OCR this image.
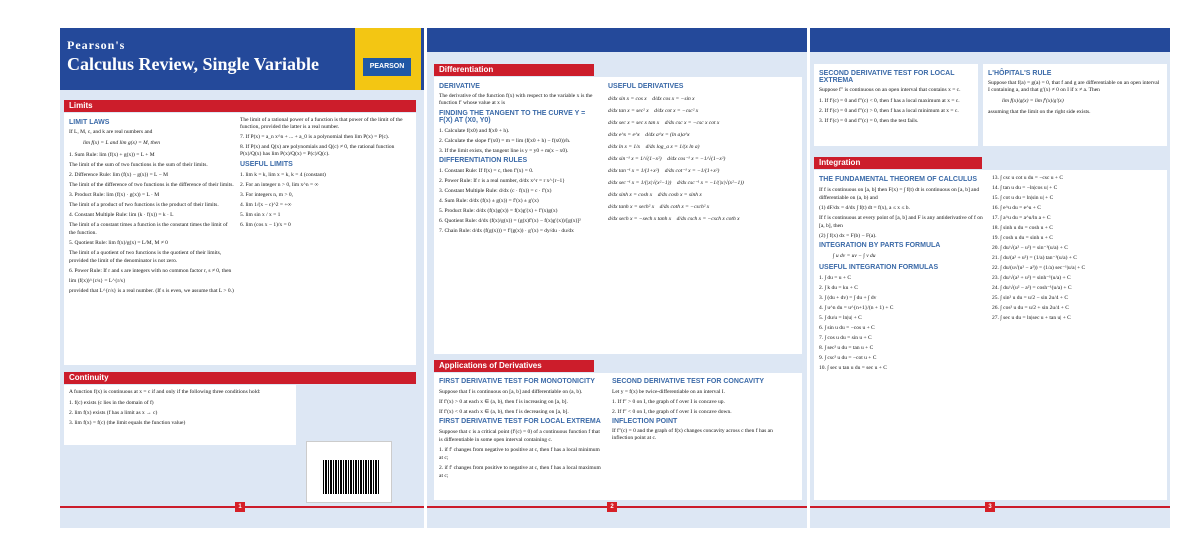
Pearson's
Calculus Review, Single Variable	PEARSON
Limits
LIMIT LAWS
If L, M, c, and k are real numbers and
lim f(x) = L and lim g(x) = M, then
1. Sum Rule: lim (f(x) + g(x)) = L + M
The limit of the sum of two functions is the sum of their limits.
2. Difference Rule: lim (f(x) − g(x)) = L − M
The limit of the difference of two functions is the difference of their limits.
3. Product Rule: lim (f(x) · g(x)) = L · M
The limit of a product of two functions is the product of their limits.
4. Constant Multiple Rule: lim (k · f(x)) = k · L
The limit of a constant times a function is the constant times the limit of the function.
5. Quotient Rule: lim f(x)/g(x) = L/M, M ≠ 0
The limit of a quotient of two functions is the quotient of their limits, provided the limit of the denominator is not zero.
6. Power Rule: If r and s are integers with no common factor r, s ≠ 0, then
lim (f(x))^{r/s} = L^{r/s}
provided that L^{r/s} is a real number. (If s is even, we assume that L > 0.)
The limit of a rational power of a function is that power of the limit of the function, provided the latter is a real number.
7. If P(x) = a_n x^n + ... + a_0 is a polynomial then lim P(x) = P(c).
8. If P(x) and Q(x) are polynomials and Q(c) ≠ 0, the rational function P(x)/Q(x) has lim P(x)/Q(x) = P(c)/Q(c).
USEFUL LIMITS
1. lim k = k, lim x = k, k = 4 (constant)
2. For an integer n > 0, lim x^n = ∞
3. For integers n, m > 0,
4. lim 1/(x − c)^2 = +∞
5. lim sin x / x = 1
6. lim (cos x − 1)/x = 0
Continuity
A function f(x) is continuous at x = c if and only if the following three conditions hold:
1. f(c) exists (c lies in the domain of f)
2. lim f(x) exists (f has a limit as x → c)
3. lim f(x) = f(c) (the limit equals the function value)
Differentiation
DERIVATIVE
The derivative of the function f(x) with respect to the variable x is the function f′ whose value at x is
FINDING THE TANGENT TO THE CURVE Y = F(X) AT (X0, Y0)
1. Calculate f(x0) and f(x0 + h).
2. Calculate the slope f′(x0) = m = lim (f(x0 + h) − f(x0))/h.
3. If the limit exists, the tangent line is y = y0 + m(x − x0).
DIFFERENTIATION RULES
1. Constant Rule: If f(x) = c, then f′(x) = 0.
2. Power Rule: If r is a real number, d/dx x^r = r x^{r−1}
3. Constant Multiple Rule: d/dx (c · f(x)) = c · f′(x)
4. Sum Rule: d/dx (f(x) ± g(x)) = f′(x) ± g′(x)
5. Product Rule: d/dx (f(x)g(x)) = f(x)g′(x) + f′(x)g(x)
6. Quotient Rule: d/dx (f(x)/g(x)) = (g(x)f′(x) − f(x)g′(x))/[g(x)]²
7. Chain Rule: d/dx (f(g(x))) = f′(g(x)) · g′(x) = dy/du · du/dx
USEFUL DERIVATIVES
d/dx sin x = cos x    d/dx cos x = −sin x
d/dx tan x = sec² x    d/dx cot x = −csc² x
d/dx sec x = sec x tan x    d/dx csc x = −csc x cot x
d/dx e^x = e^x    d/dx a^x = (ln a)a^x
d/dx ln x = 1/x    d/dx log_a x = 1/(x ln a)
d/dx sin⁻¹ x = 1/√(1−x²)    d/dx cos⁻¹ x = −1/√(1−x²)
d/dx tan⁻¹ x = 1/(1+x²)    d/dx cot⁻¹ x = −1/(1+x²)
d/dx sec⁻¹ x = 1/(|x|√(x²−1))    d/dx csc⁻¹ x = −1/(|x|√(x²−1))
d/dx sinh x = cosh x    d/dx cosh x = sinh x
d/dx tanh x = sech² x    d/dx coth x = −csch² x
d/dx sech x = −sech x tanh x    d/dx csch x = −csch x coth x
Applications of Derivatives
FIRST DERIVATIVE TEST FOR MONOTONICITY
Suppose that f is continuous on [a, b] and differentiable on (a, b).
If f′(x) > 0 at each x ∈ (a, b), then f is increasing on [a, b].
If f′(x) < 0 at each x ∈ (a, b), then f is decreasing on [a, b].
FIRST DERIVATIVE TEST FOR LOCAL EXTREMA
Suppose that c is a critical point (f′(c) = 0) of a continuous function f that is differentiable in some open interval containing c.
1. if f′ changes from negative to positive at c, then f has a local minimum at c;
2. if f′ changes from positive to negative at c, then f has a local maximum at c;
SECOND DERIVATIVE TEST FOR CONCAVITY
Let y = f(x) be twice-differentiable on an interval I.
1. If f″ > 0 on I, the graph of f over I is concave up.
2. If f″ < 0 on I, the graph of f over I is concave down.
INFLECTION POINT
If f″(c) = 0 and the graph of f(x) changes concavity across c then f has an inflection point at c.
SECOND DERIVATIVE TEST FOR LOCAL EXTREMA
Suppose f″ is continuous on an open interval that contains x = c.
1. If f′(c) = 0 and f″(c) < 0, then f has a local maximum at x = c.
2. If f′(c) = 0 and f″(c) > 0, then f has a local minimum at x = c.
3. If f′(c) = 0 and f″(c) = 0, then the test fails.
L'HÔPITAL'S RULE
Suppose that f(a) = g(a) = 0, that f and g are differentiable on an open interval I containing a, and that g′(x) ≠ 0 on I if x ≠ a. Then
lim f(x)/g(x) = lim f′(x)/g′(x)
assuming that the limit on the right side exists.
Integration
THE FUNDAMENTAL THEOREM OF CALCULUS
If f is continuous on [a, b] then F(x) = ∫ f(t) dt is continuous on [a, b] and differentiable on (a, b) and
(1) dF/dx = d/dx ∫ f(t) dt = f(x), a ≤ x ≤ b.
If f is continuous at every point of [a, b] and F is any antiderivative of f on [a, b], then
(2) ∫ f(x) dx = F(b) − F(a).
INTEGRATION BY PARTS FORMULA
∫ u dv = uv − ∫ v du
USEFUL INTEGRATION FORMULAS
1. ∫ du = u + C
2. ∫ k du = ku + C
3. ∫ (du + dv) = ∫ du + ∫ dv
4. ∫ u^n du = u^{n+1}/(n + 1) + C
5. ∫ du/u = ln|u| + C
6. ∫ sin u du = −cos u + C
7. ∫ cos u du = sin u + C
8. ∫ sec² u du = tan u + C
9. ∫ csc² u du = −cot u + C
10. ∫ sec u tan u du = sec u + C
13. ∫ csc u cot u du = −csc u + C
14. ∫ tan u du = −ln|cos u| + C
15. ∫ cot u du = ln|sin u| + C
16. ∫ e^u du = e^u + C
17. ∫ a^u du = a^u/ln a + C
18. ∫ sinh u du = cosh u + C
19. ∫ cosh u du = sinh u + C
20. ∫ du/√(a² − u²) = sin⁻¹(u/a) + C
21. ∫ du/(a² + u²) = (1/a) tan⁻¹(u/a) + C
22. ∫ du/(u√(u² − a²)) = (1/a) sec⁻¹|u/a| + C
23. ∫ du/√(a² + u²) = sinh⁻¹(u/a) + C
24. ∫ du/√(u² − a²) = cosh⁻¹(u/a) + C
25. ∫ sin² u du = u/2 − sin 2u/4 + C
26. ∫ cos² u du = u/2 + sin 2u/4 + C
27. ∫ sec u du = ln|sec u + tan u| + C
1	2	3
